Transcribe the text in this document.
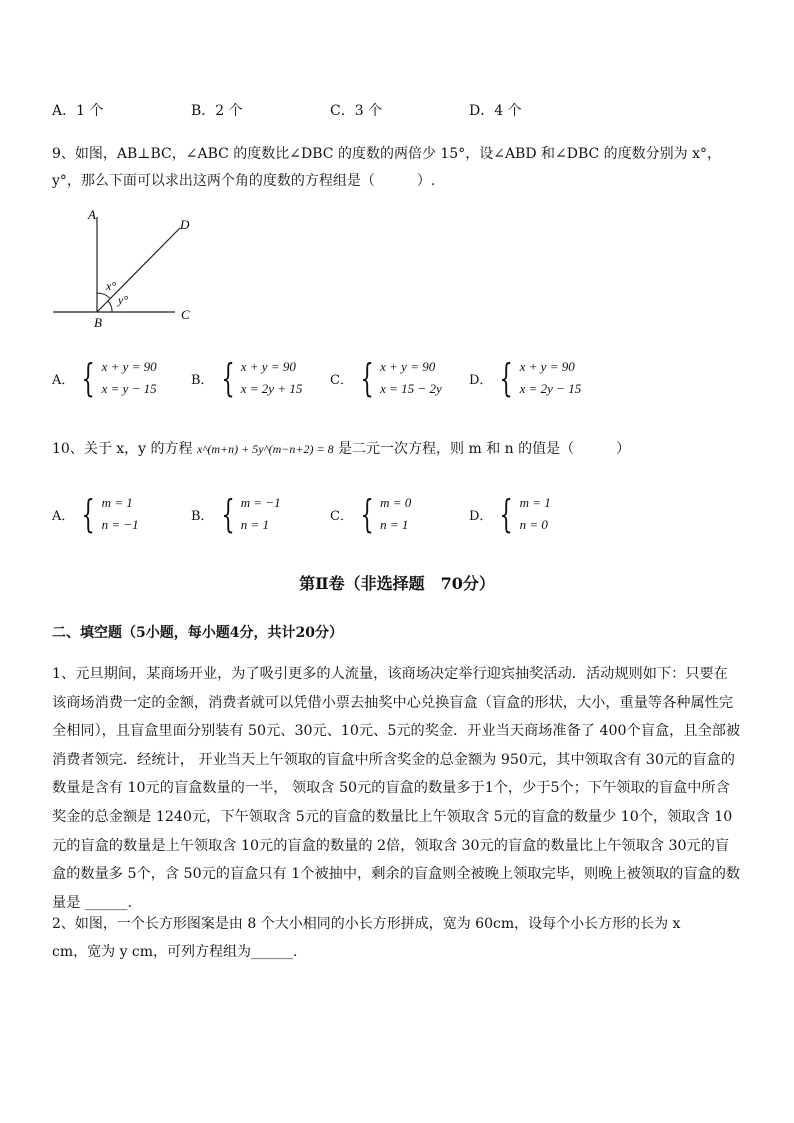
A．1 个	B．2 个	C．3 个	D．4 个
9、如图，AB⊥BC，∠ABC 的度数比∠DBC 的度数的两倍少 15°，设∠ABD 和∠DBC 的度数分别为 x°，
y°，那么下面可以求出这两个角的度数的方程组是（　　　）.
A
B
C
D
x°
y°
A． { x + y = 90
x = y − 15
B． { x + y = 90
x = 2y + 15
C． { x + y = 90
x = 15 − 2y
D． { x + y = 90
x = 2y − 15
10、关于 x，y 的方程 x^(m+n) + 5y^(m−n+2) = 8 是二元一次方程，则 m 和 n 的值是（　　　）
A． { m = 1
n = −1
B． { m = −1
n = 1
C． { m = 0
n = 1
D． { m = 1
n = 0
第Ⅱ卷（非选择题　70分）
二、填空题（5小题，每小题4分，共计20分）
1、元旦期间，某商场开业，为了吸引更多的人流量，该商场决定举行迎宾抽奖活动．活动规则如下：只要在该商场消费一定的金额，消费者就可以凭借小票去抽奖中心兑换盲盒（盲盒的形状，大小，重量等各种属性完全相同），且盲盒里面分别装有 50元、30元、10元、5元的奖金．开业当天商场准备了 400个盲盒，且全部被消费者领完．经统计， 开业当天上午领取的盲盒中所含奖金的总金额为 950元，其中领取含有 30元的盲盒的数量是含有 10元的盲盒数量的一半， 领取含 50元的盲盒的数量多于1个，少于5个；下午领取的盲盒中所含奖金的总金额是 1240元，下午领取含 5元的盲盒的数量比上午领取含 5元的盲盒的数量少 10个，领取含 10元的盲盒的数量是上午领取含 10元的盲盒的数量的 2倍，领取含 30元的盲盒的数量比上午领取含 30元的盲盒的数量多 5个，含 50元的盲盒只有 1个被抽中，剩余的盲盒则全被晚上领取完毕，则晚上被领取的盲盒的数量是 ______.
2、如图，一个长方形图案是由 8 个大小相同的小长方形拼成，宽为 60cm，设每个小长方形的长为 x
cm，宽为 y cm，可列方程组为______.
